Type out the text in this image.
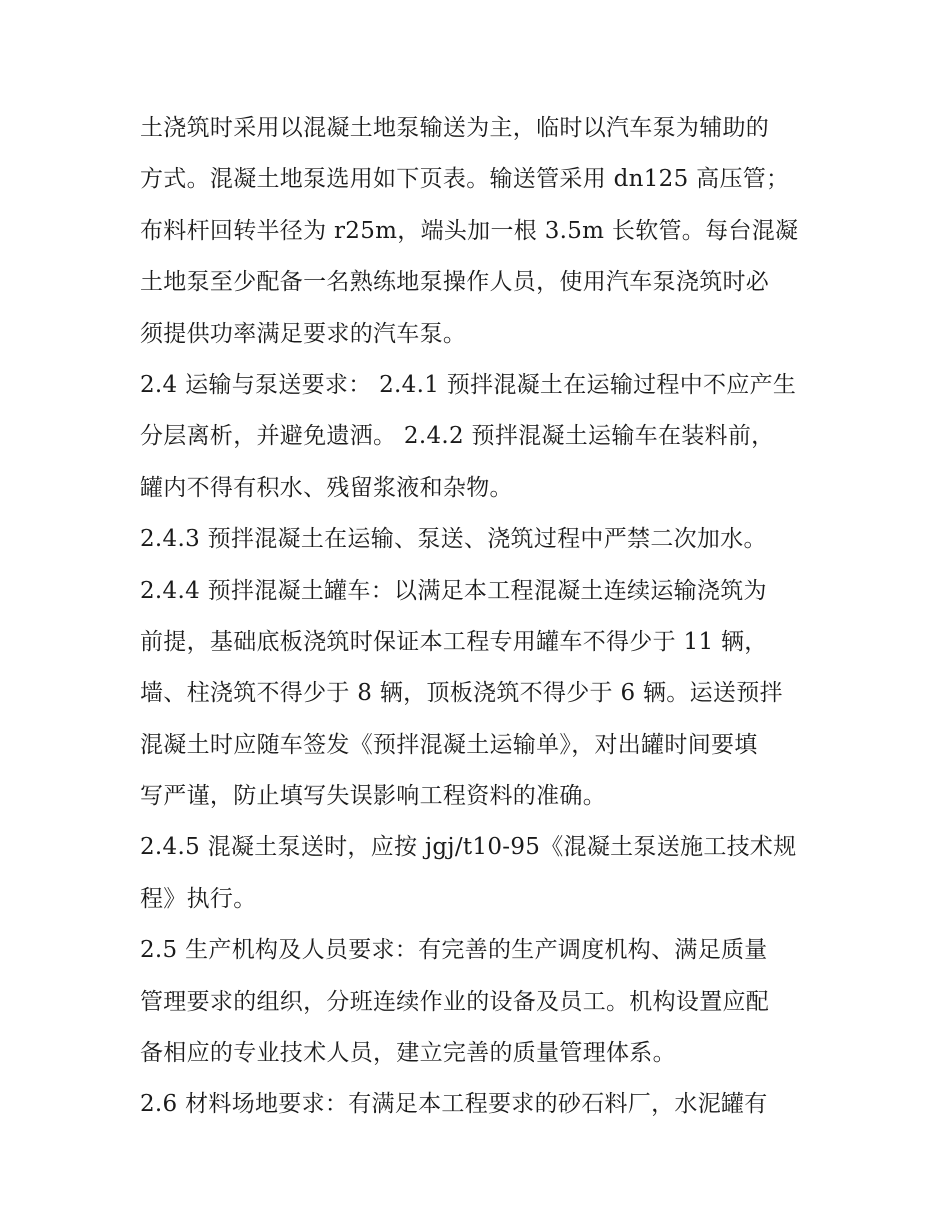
土浇筑时采用以混凝土地泵输送为主，临时以汽车泵为辅助的
方式。混凝土地泵选用如下页表。输送管采用 dn125 高压管；
布料杆回转半径为 r25m，端头加一根 3.5m 长软管。每台混凝
土地泵至少配备一名熟练地泵操作人员，使用汽车泵浇筑时必
须提供功率满足要求的汽车泵。
2.4 运输与泵送要求： 2.4.1 预拌混凝土在运输过程中不应产生
分层离析，并避免遗洒。 2.4.2 预拌混凝土运输车在装料前，
罐内不得有积水、残留浆液和杂物。
2.4.3 预拌混凝土在运输、泵送、浇筑过程中严禁二次加水。
2.4.4 预拌混凝土罐车：以满足本工程混凝土连续运输浇筑为
前提，基础底板浇筑时保证本工程专用罐车不得少于 11 辆，
墙、柱浇筑不得少于 8 辆，顶板浇筑不得少于 6 辆。运送预拌
混凝土时应随车签发《预拌混凝土运输单》，对出罐时间要填
写严谨，防止填写失误影响工程资料的准确。
2.4.5 混凝土泵送时，应按 jgj/t10-95《混凝土泵送施工技术规
程》执行。
2.5 生产机构及人员要求：有完善的生产调度机构、满足质量
管理要求的组织，分班连续作业的设备及员工。机构设置应配
备相应的专业技术人员，建立完善的质量管理体系。
2.6 材料场地要求：有满足本工程要求的砂石料厂，水泥罐有
